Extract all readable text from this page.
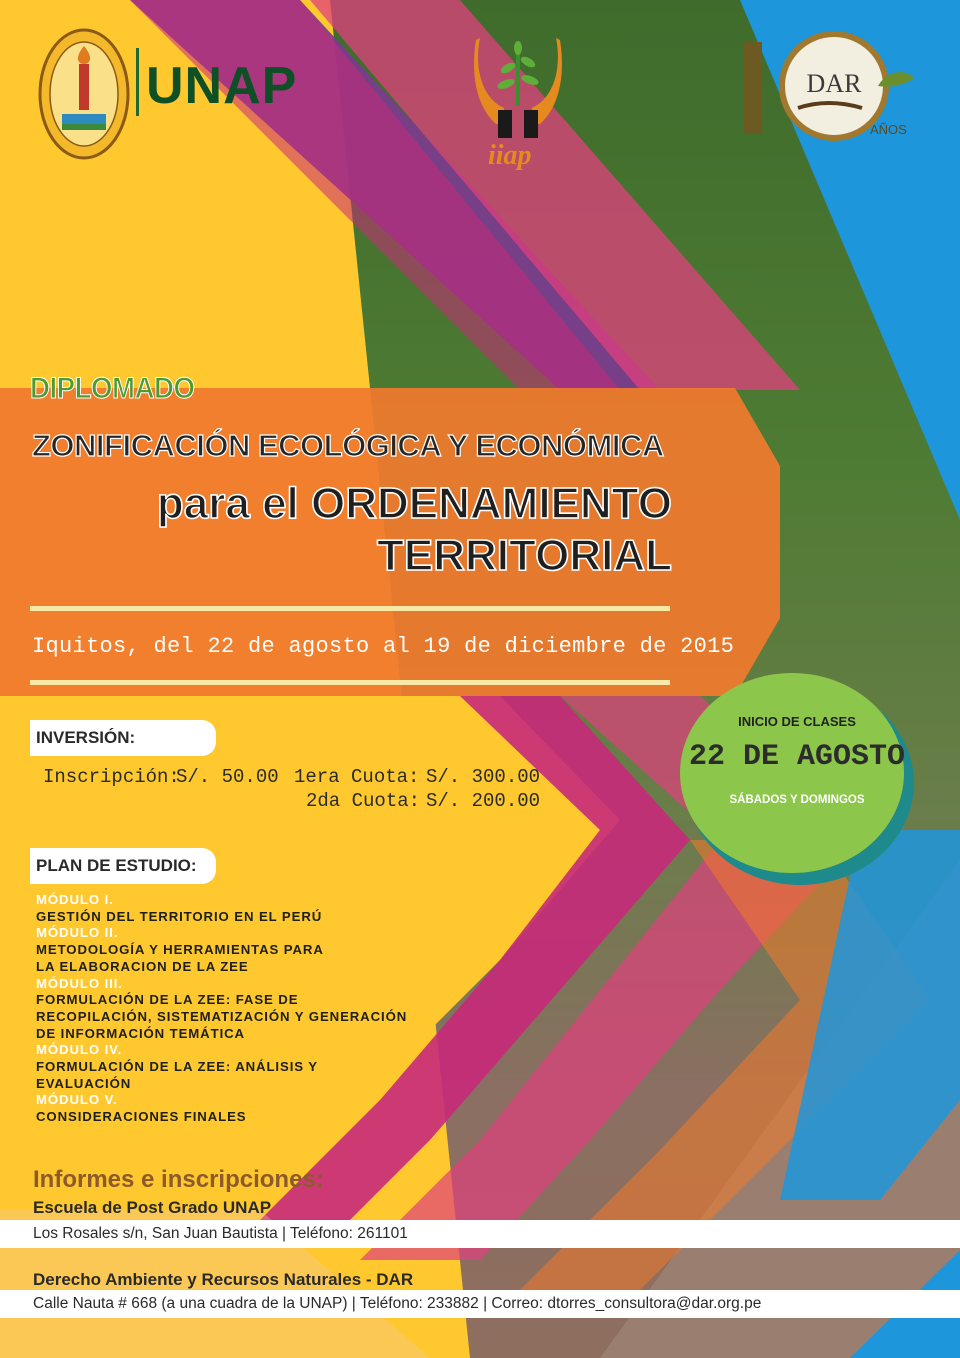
UNAP
iiap
DAR
AÑOS
DIPLOMADO
ZONIFICACIÓN ECOLÓGICA Y ECONÓMICA
para el ORDENAMIENTO
TERRITORIAL
Iquitos, del 22 de agosto al 19 de diciembre de 2015
INICIO DE CLASES
22 DE AGOSTO
SÁBADOS Y DOMINGOS
INVERSIÓN:
Inscripción:
S/. 50.00 1era Cuota: S/. 300.00
2da Cuota: S/. 200.00
PLAN DE ESTUDIO:
MÓDULO I.
GESTIÓN DEL TERRITORIO EN EL PERÚ
MÓDULO II.
METODOLOGÍA Y HERRAMIENTAS PARA
LA ELABORACION DE LA ZEE
MÓDULO III.
FORMULACIÓN DE LA ZEE: FASE DE
RECOPILACIÓN, SISTEMATIZACIÓN Y GENERACIÓN
DE INFORMACIÓN TEMÁTICA
MÓDULO IV.
FORMULACIÓN DE LA ZEE: ANÁLISIS Y
EVALUACIÓN
MÓDULO V.
CONSIDERACIONES FINALES
Informes e inscripciones:
Escuela de Post Grado UNAP
Los Rosales s/n, San Juan Bautista | Teléfono: 261101
Derecho Ambiente y Recursos Naturales - DAR
Calle Nauta # 668 (a una cuadra de la UNAP) | Teléfono: 233882 | Correo: dtorres_consultora@dar.org.pe
